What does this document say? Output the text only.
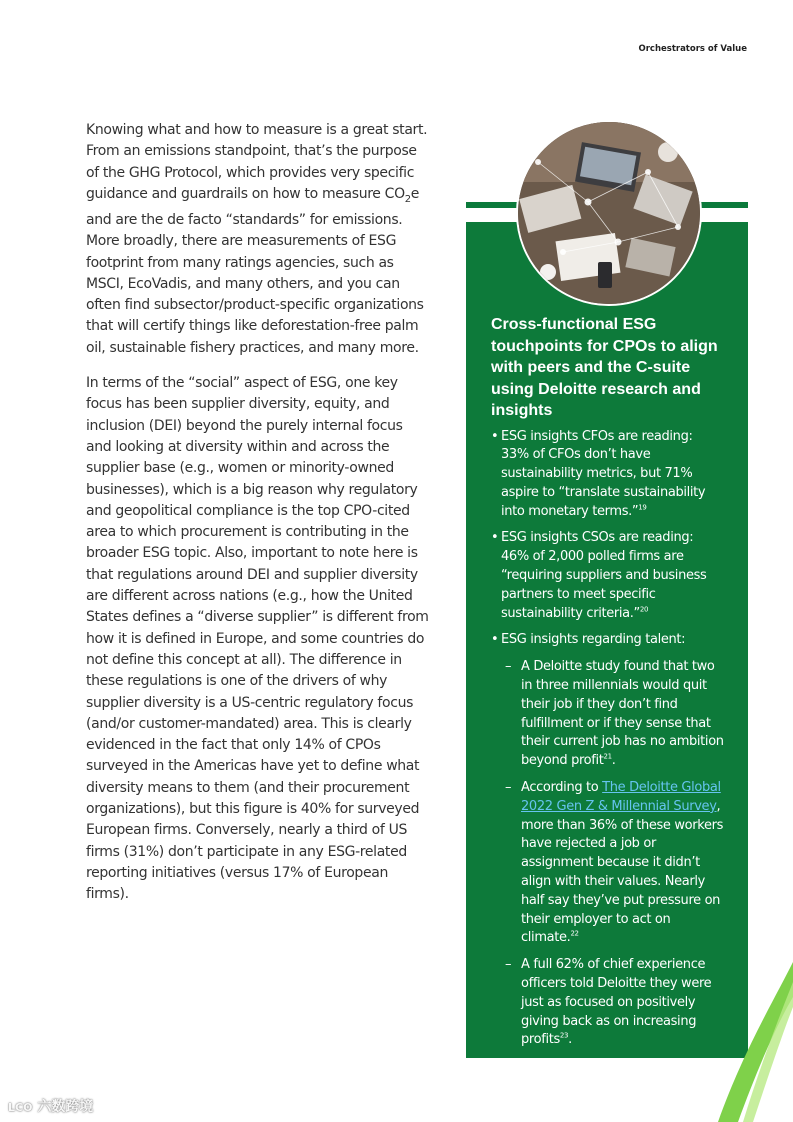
Orchestrators of Value

Knowing what and how to measure is a great start. From an emissions standpoint, that’s the purpose of the GHG Protocol, which provides very specific guidance and guardrails on how to measure $CO_2e$ and are the de facto “standards” for emissions. More broadly, there are measurements of ESG footprint from many ratings agencies, such as MSCI, EcoVadis, and many others, and you can often find subsector/product-specific organizations that will certify things like deforestation-free palm oil, sustainable fishery practices, and many more.

In terms of the “social” aspect of ESG, one key focus has been supplier diversity, equity, and inclusion (DEI) beyond the purely internal focus and looking at diversity within and across the supplier base (e.g., women or minority-owned businesses), which is a big reason why regulatory and geopolitical compliance is the top CPO-cited area to which procurement is contributing in the broader ESG topic. Also, important to note here is that regulations around DEI and supplier diversity are different across nations (e.g., how the United States defines a “diverse supplier” is different from how it is defined in Europe, and some countries do not define this concept at all). The difference in these regulations is one of the drivers of why supplier diversity is a US-centric regulatory focus (and/or customer-mandated) area. This is clearly evidenced in the fact that only 14% of CPOs surveyed in the Americas have yet to define what diversity means to them (and their procurement organizations), but this figure is 40% for surveyed European firms. Conversely, nearly a third of US firms (31%) don’t participate in any ESG-related reporting initiatives (versus 17% of European firms).

Cross-functional ESG touchpoints for CPOs to align with peers and the C-suite using Deloitte research and insights
• ESG insights CFOs are reading: 33% of CFOs don’t have sustainability metrics, but 71% aspire to “translate sustainability into monetary terms.”$^{19}$
• ESG insights CSOs are reading: 46% of 2,000 polled firms are “requiring suppliers and business partners to meet specific sustainability criteria.”$^{20}$
• ESG insights regarding talent:
– A Deloitte study found that two in three millennials would quit their job if they don’t find fulfillment or if they sense that their current job has no ambition beyond profit$^{21}$.
– According to The Deloitte Global 2022 Gen Z & Millennial Survey, more than 36% of these workers have rejected a job or assignment because it didn’t align with their values. Nearly half say they’ve put pressure on their employer to act on climate.$^{22}$
– A full 62% of chief experience officers told Deloitte they were just as focused on positively giving back as on increasing profits$^{23}$.
LCO 六数跨境
